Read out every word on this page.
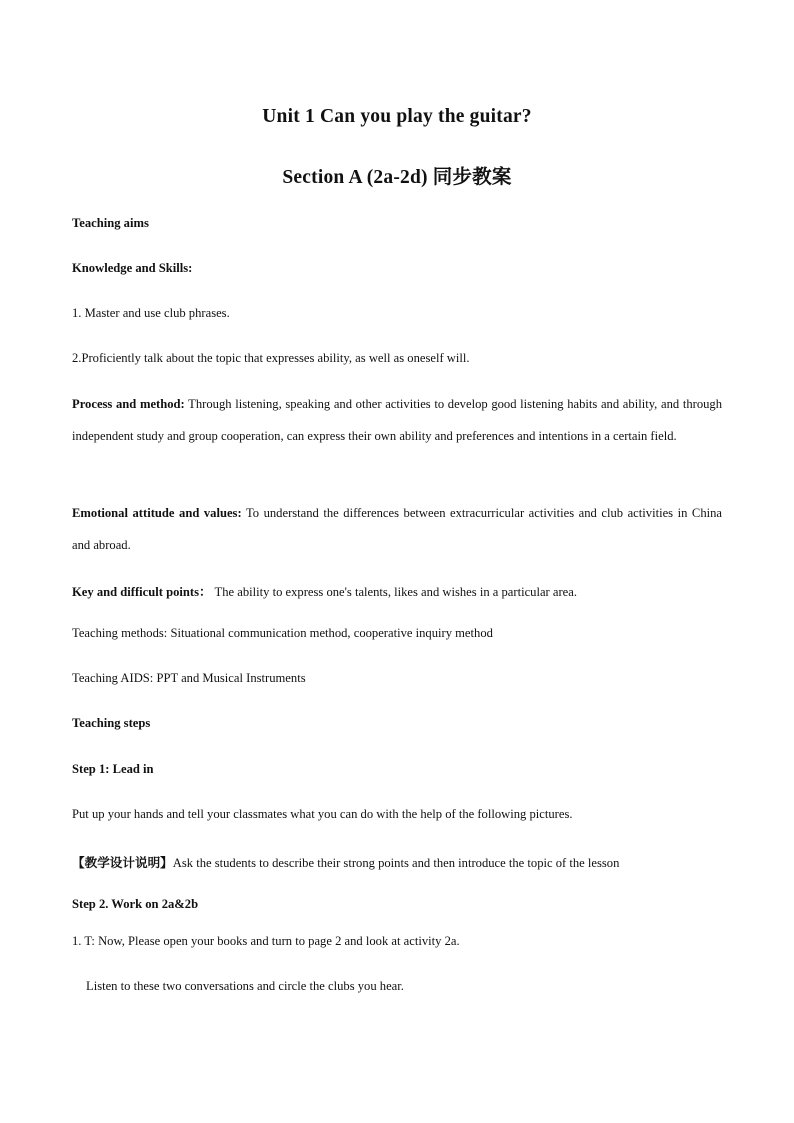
Unit 1 Can you play the guitar?
Section A (2a-2d) 同步教案
Teaching aims
Knowledge and Skills:
1. Master and use club phrases.
2.Proficiently talk about the topic that expresses ability, as well as oneself will.
Process and method: Through listening, speaking and other activities to develop good listening habits and ability, and through independent study and group cooperation, can express their own ability and preferences and intentions in a certain field.
Emotional attitude and values: To understand the differences between extracurricular activities and club activities in China and abroad.
Key and difficult points： The ability to express one's talents, likes and wishes in a particular area.
Teaching methods: Situational communication method, cooperative inquiry method
Teaching AIDS: PPT and Musical Instruments
Teaching steps
Step 1: Lead in
Put up your hands and tell your classmates what you can do with the help of the following pictures.
【教学设计说明】Ask the students to describe their strong points and then introduce the topic of the lesson
Step 2. Work on 2a&2b
1. T: Now, Please open your books and turn to page 2 and look at activity 2a.
Listen to these two conversations and circle the clubs you hear.
